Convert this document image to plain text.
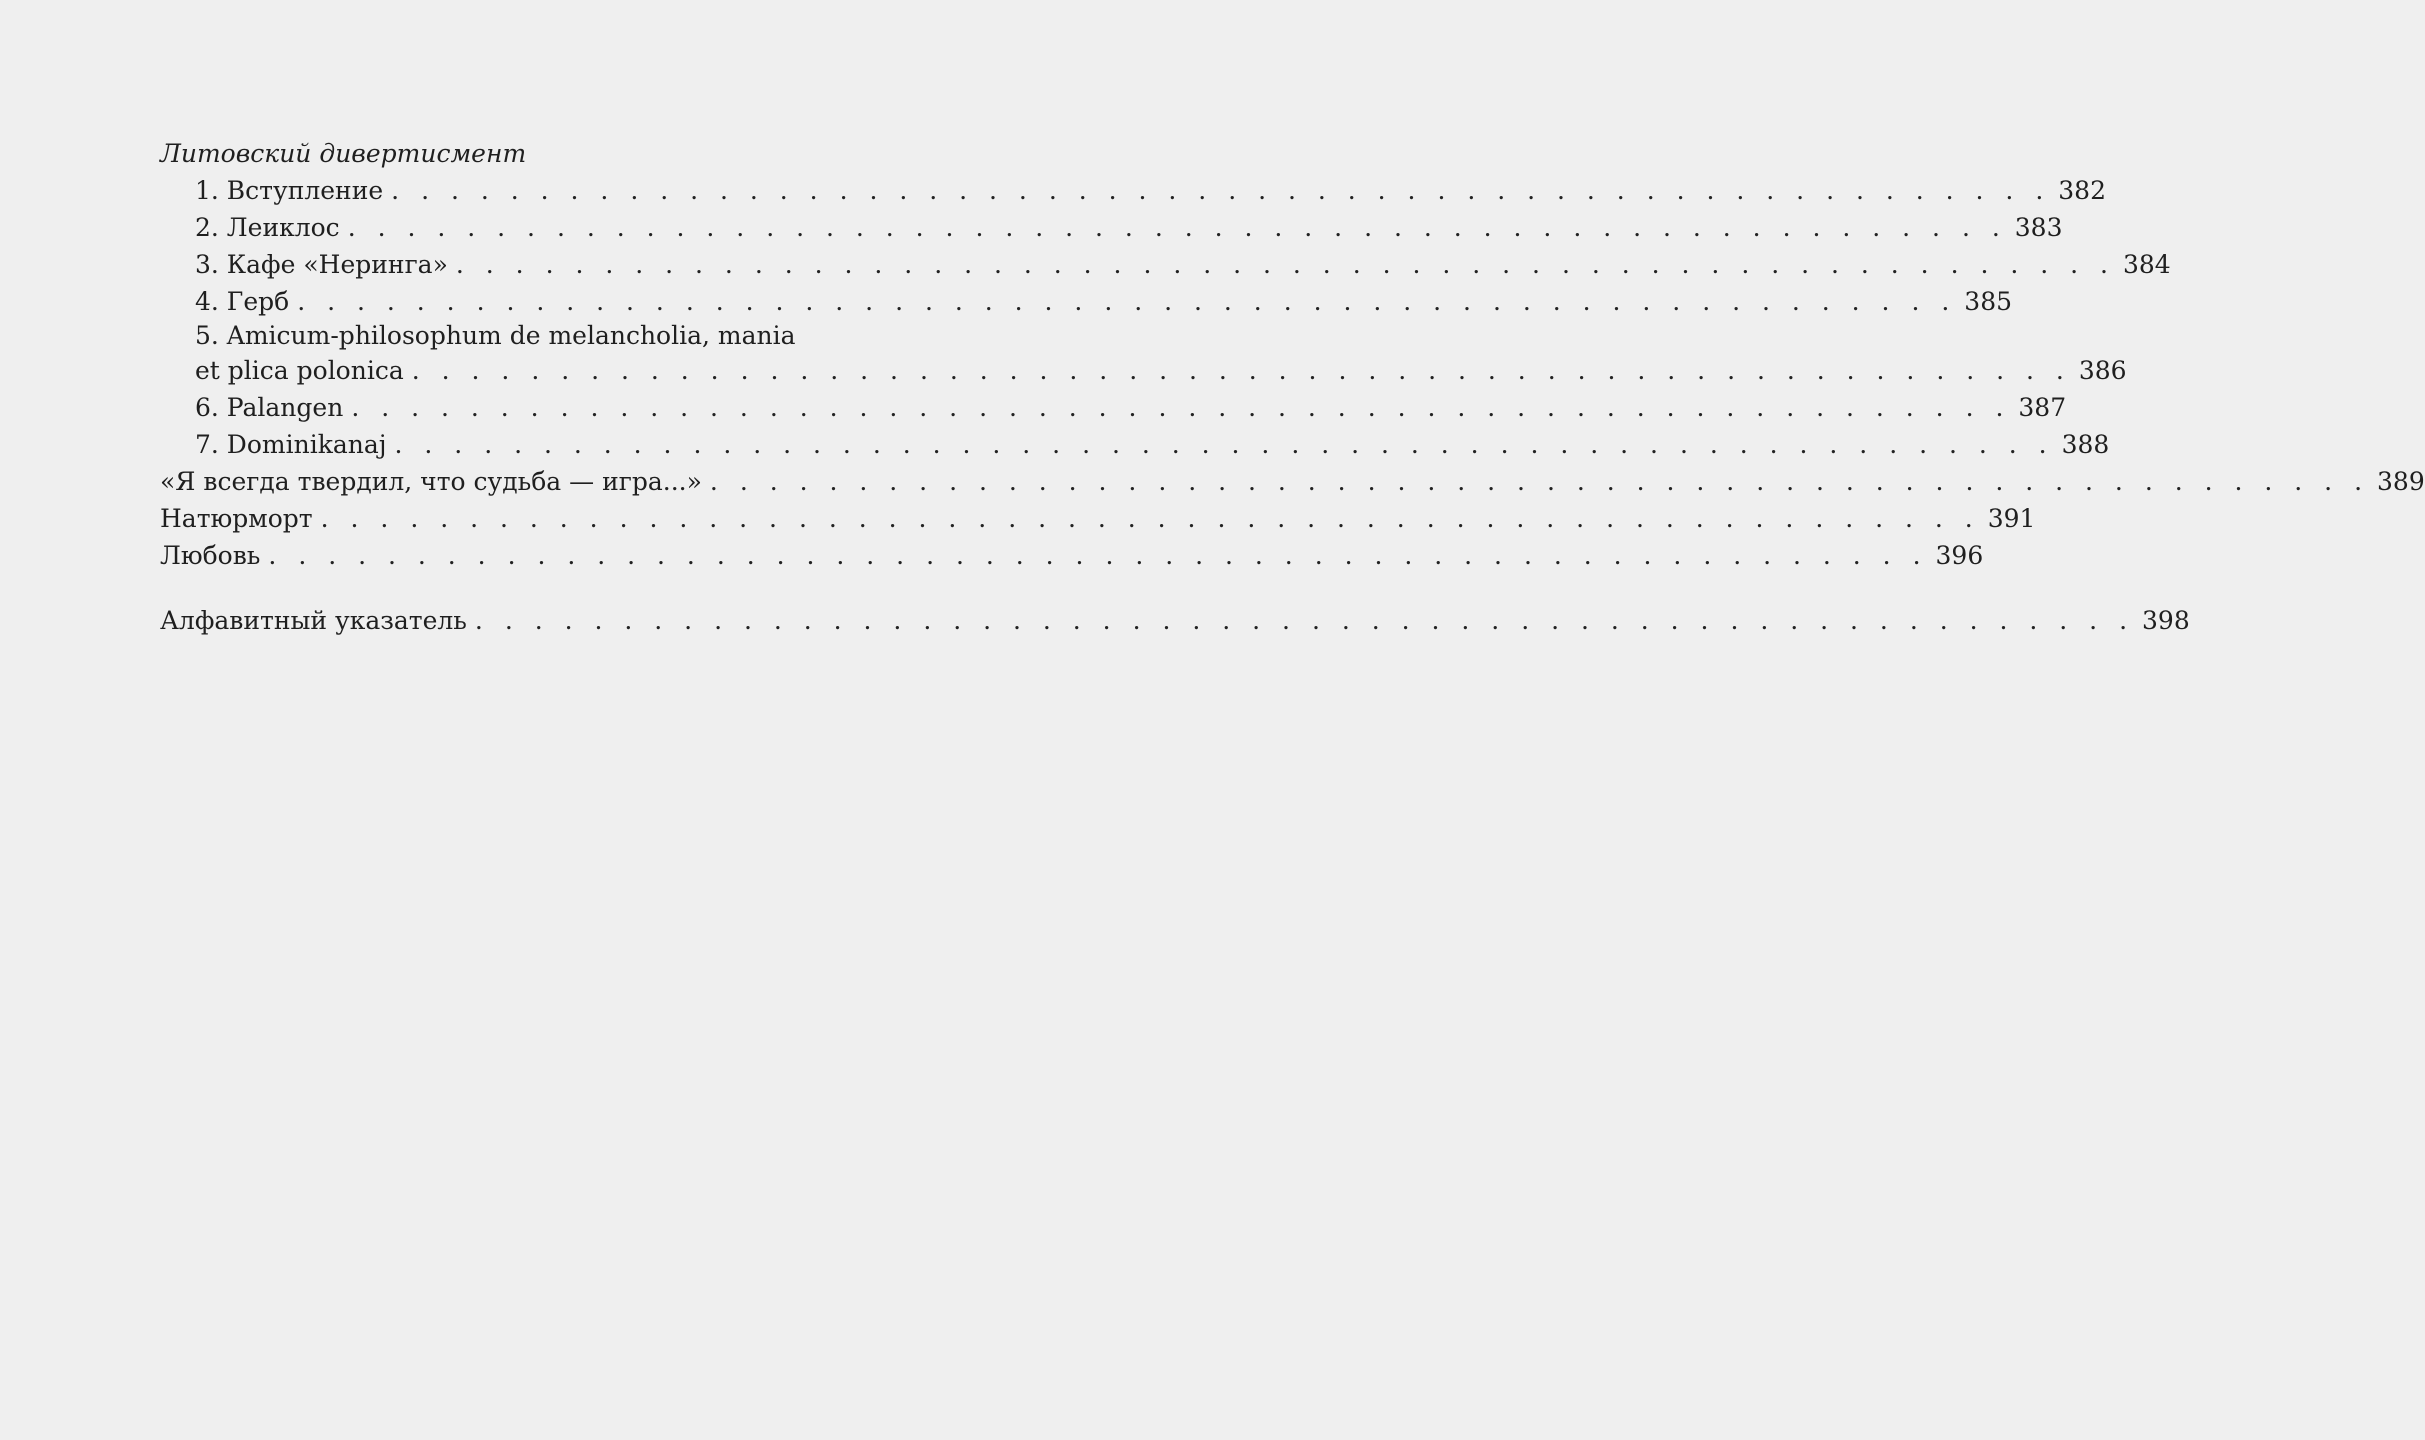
Литовский дивертисмент
1. Вступление . . . . . . . . . . . . . . . . . . . . . . . . . . . . . . . . . . . . . . . . . . . . . . . . . . . . . . . . 382
2. Леиклос . . . . . . . . . . . . . . . . . . . . . . . . . . . . . . . . . . . . . . . . . . . . . . . . . . . . . . . . 383
3. Кафе «Неринга» . . . . . . . . . . . . . . . . . . . . . . . . . . . . . . . . . . . . . . . . . . . . . . . . . . . . . . . . 384
4. Герб . . . . . . . . . . . . . . . . . . . . . . . . . . . . . . . . . . . . . . . . . . . . . . . . . . . . . . . . 385
5. Amicum-philosophum de melancholia, mania
et plica polonica . . . . . . . . . . . . . . . . . . . . . . . . . . . . . . . . . . . . . . . . . . . . . . . . . . . . . . . . 386
6. Palangen . . . . . . . . . . . . . . . . . . . . . . . . . . . . . . . . . . . . . . . . . . . . . . . . . . . . . . . . 387
7. Dominikanaj . . . . . . . . . . . . . . . . . . . . . . . . . . . . . . . . . . . . . . . . . . . . . . . . . . . . . . . . 388
«Я всегда твердил, что судьба — игра...» . . . . . . . . . . . . . . . . . . . . . . . . . . . . . . . . . . . . . . . . . . . . . . . . . . . . . . . . 389
Натюрморт . . . . . . . . . . . . . . . . . . . . . . . . . . . . . . . . . . . . . . . . . . . . . . . . . . . . . . . . 391
Любовь . . . . . . . . . . . . . . . . . . . . . . . . . . . . . . . . . . . . . . . . . . . . . . . . . . . . . . . . 396
Алфавитный указатель . . . . . . . . . . . . . . . . . . . . . . . . . . . . . . . . . . . . . . . . . . . . . . . . . . . . . . . . 398
